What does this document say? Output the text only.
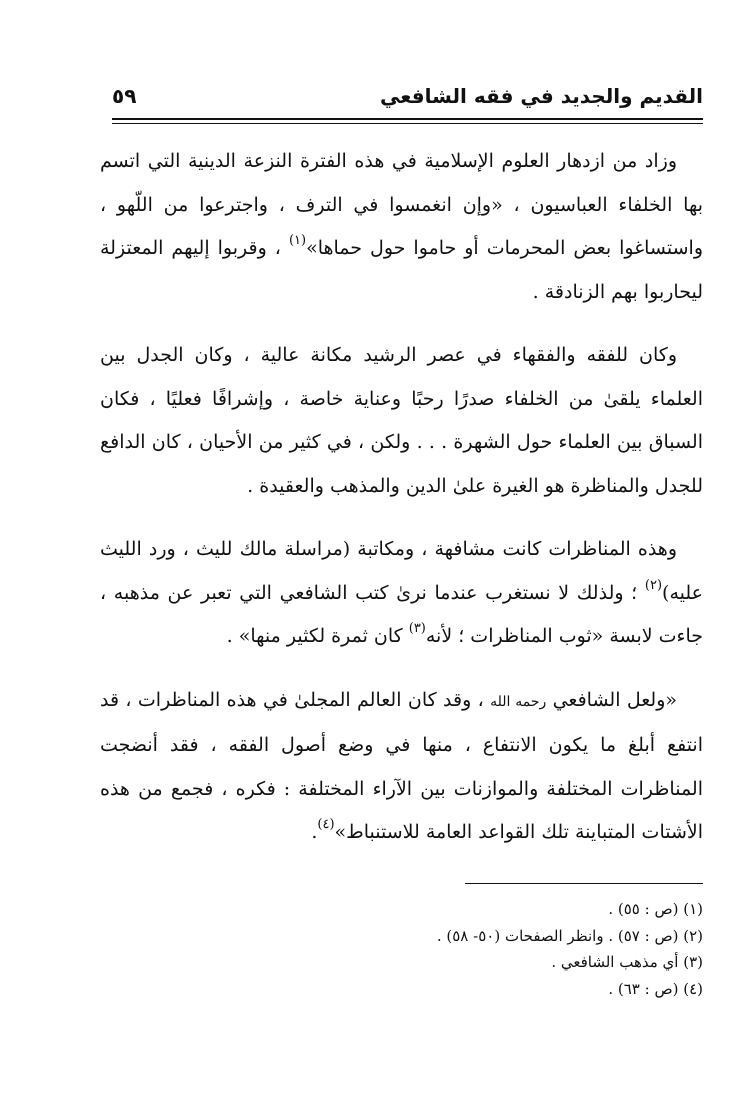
٥٩	القديم والجديد في فقه الشافعي

وزاد من ازدهار العلوم الإسلامية في هذه الفترة النزعة الدينية التي اتسم بها الخلفاء العباسيون ، «وإن انغمسوا في الترف ، واجترعوا من اللّهو ، واستساغوا بعض المحرمات أو حاموا حول حماها»$^{(١)}$ ، وقربوا إليهم المعتزلة ليحاربوا بهم الزنادقة .

وكان للفقه والفقهاء في عصر الرشيد مكانة عالية ، وكان الجدل بين العلماء يلقىٰ من الخلفاء صدرًا رحبًا وعناية خاصة ، وإشرافًا فعليًا ، فكان السباق بين العلماء حول الشهرة . . . ولكن ، في كثير من الأحيان ، كان الدافع للجدل والمناظرة هو الغيرة علىٰ الدين والمذهب والعقيدة .

وهذه المناظرات كانت مشافهة ، ومكاتبة (مراسلة مالك لليث ، ورد الليث عليه)$^{(٢)}$ ؛ ولذلك لا نستغرب عندما نرىٰ كتب الشافعي التي تعبر عن مذهبه ، جاءت لابسة «ثوب المناظرات ؛ لأنه$^{(٣)}$ كان ثمرة لكثير منها» .

«ولعل الشافعي رحمه الله ، وقد كان العالم المجلىٰ في هذه المناظرات ، قد انتفع أبلغ ما يكون الانتفاع ، منها في وضع أصول الفقه ، فقد أنضجت المناظرات المختلفة والموازنات بين الآراء المختلفة : فكره ، فجمع من هذه الأشتات المتباينة تلك القواعد العامة للاستنباط»$^{(٤)}$.

(١) (ص : ٥٥) .
(٢) (ص : ٥٧) . وانظر الصفحات (٥٠- ٥٨) .
(٣) أي مذهب الشافعي .
(٤) (ص : ٦٣) .
